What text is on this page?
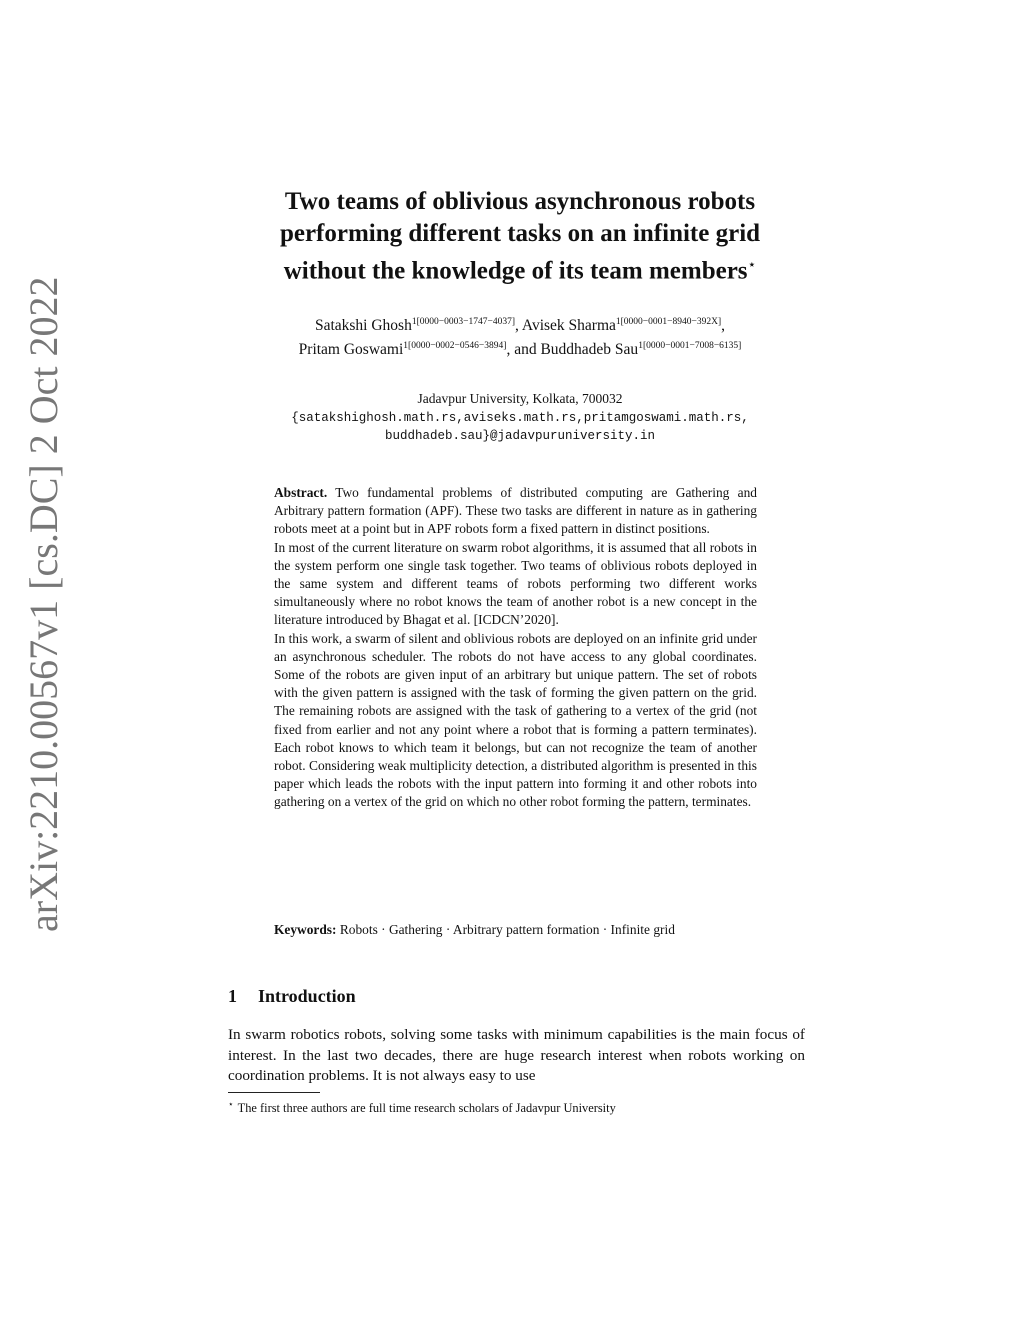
arXiv:2210.00567v1 [cs.DC] 2 Oct 2022
Two teams of oblivious asynchronous robots
performing different tasks on an infinite grid
without the knowledge of its team members⋆
Satakshi Ghosh$^{1[0000-0003-1747-4037]}$, Avisek Sharma$^{1[0000-0001-8940-392X]}$,
Pritam Goswami$^{1[0000-0002-0546-3894]}$, and Buddhadeb Sau$^{1[0000-0001-7008-6135]}$
Jadavpur University, Kolkata, 700032
{satakshighosh.math.rs,aviseks.math.rs,pritamgoswami.math.rs,
buddhadeb.sau}@jadavpuruniversity.in

Abstract. Two fundamental problems of distributed computing are Gathering and Arbitrary pattern formation (APF). These two tasks are different in nature as in gathering robots meet at a point but in APF robots form a fixed pattern in distinct positions.

In most of the current literature on swarm robot algorithms, it is assumed that all robots in the system perform one single task together. Two teams of oblivious robots deployed in the same system and different teams of robots performing two different works simultaneously where no robot knows the team of another robot is a new concept in the literature introduced by Bhagat et al. [ICDCN’2020].

In this work, a swarm of silent and oblivious robots are deployed on an infinite grid under an asynchronous scheduler. The robots do not have access to any global coordinates. Some of the robots are given input of an arbitrary but unique pattern. The set of robots with the given pattern is assigned with the task of forming the given pattern on the grid. The remaining robots are assigned with the task of gathering to a vertex of the grid (not fixed from earlier and not any point where a robot that is forming a pattern terminates). Each robot knows to which team it belongs, but can not recognize the team of another robot. Considering weak multiplicity detection, a distributed algorithm is presented in this paper which leads the robots with the input pattern into forming it and other robots into gathering on a vertex of the grid on which no other robot forming the pattern, terminates.

Keywords: Robots · Gathering · Arbitrary pattern formation · Infinite grid
1 Introduction

In swarm robotics robots, solving some tasks with minimum capabilities is the main focus of interest. In the last two decades, there are huge research interest when robots working on coordination problems. It is not always easy to use

⋆ The first three authors are full time research scholars of Jadavpur University
